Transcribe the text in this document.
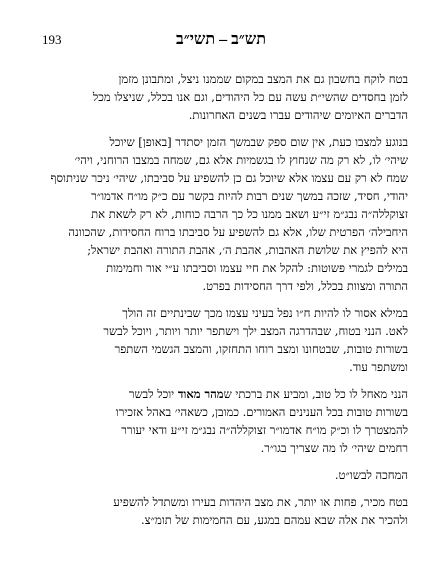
193	תש״ב – תשי״ב
בטח לוקח בחשבון גם את המצב במקום שממנו ניצל, ומתבונן מזמן
לזמן בחסדים שהשי״ת עשה עם כל היהודים, וגם אנו בכלל, שניצלו מכל
הדברים האיומים שיהודים עברו בשנים האחרונות.
בנוגע למצבו כעת, אין שום ספק שבמשך הזמן יסתדר [באופן] שיוכל
שיהי׳ לו, לא רק מה שנחוץ לו בגשמיות אלא גם, שמחה במצבו הרוחני, ויהי׳
שמח לא רק עם עצמו אלא שיוכל גם כן להשפיע על סביבתו, שיהי׳ ניכר שניתוסף
יהודי, חסיד, שזכה במשך שנים רבות להיות בקשר עם כ״ק מו״ח אדמו״ר
זצוקללה״ה נבג״מ זי״ע ושאב ממנו כל כך הרבה כוחות, לא רק לשאת את
היחבילה׳ הפרטית שלו, אלא גם להשפיע על סביבתו ברוח החסידות, שהכוונה
היא להפיץ את שלושת האהבות, אהבת ה׳, אהבת התורה ואהבת ישראל;
במילים לגמרי פשוטות: להקל את חיי עצמו וסביבתו ע״י אור וחמימות
התורה ומצוות בכלל, ולפי דרך החסידות בפרט.
במילא אסור לו להיות ח״ו נפל בעיני עצמו מכך שבינתיים זה הולך
לאט. הנני בטוח, שבהדרגה המצב ילך וישתפר יותר ויותר, ויוכל לבשר
בשורות טובות, שבטחונו ומצב רוחו התחזקו, והמצב הגשמי השתפר
ומשתפר עוד.
הנני מאחל לו כל טוב, ומביע את ברכתי שמהר מאוד יוכל לבשר
בשורות טובות בכל הענינים האמורים. כמובן, כשאהי׳ באהל אזכירו
להמצטרך לו וכ״ק מו״ח אדמו״ר זצוקללה״ה נבג״מ זי״ע ודאי יעורר
רחמים שיהי׳ לו מה שצריך בגו״ר.
המחכה לבשו״ט.
בטח מכיר, פחות או יותר, את מצב היהדות בעירו ומשתדל להשפיע
ולהכיר את אלה שבא עמהם במגע, עם החמימות של תומ״צ.
